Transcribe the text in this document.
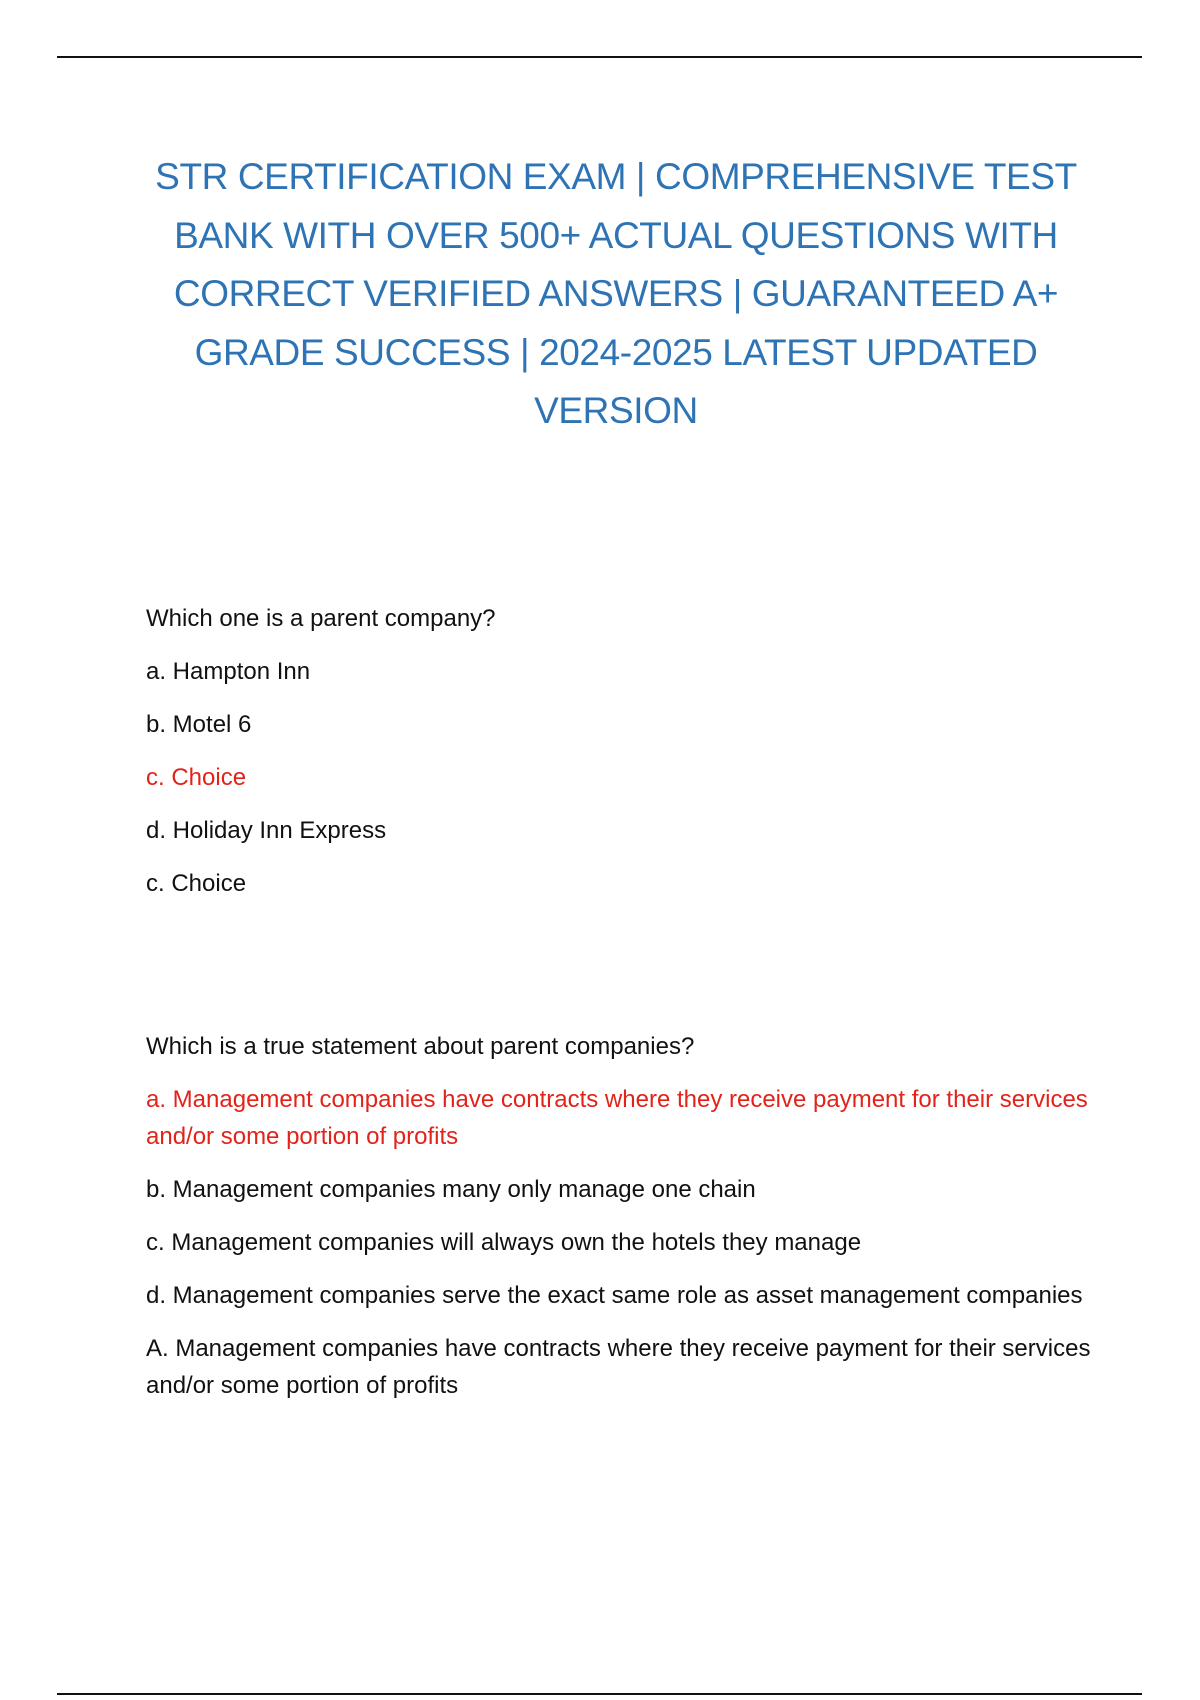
STR CERTIFICATION EXAM | COMPREHENSIVE TEST BANK WITH OVER 500+ ACTUAL QUESTIONS WITH CORRECT VERIFIED ANSWERS | GUARANTEED A+ GRADE SUCCESS | 2024-2025 LATEST UPDATED VERSION

Which one is a parent company?

a. Hampton Inn

b. Motel 6

c. Choice

d. Holiday Inn Express

c. Choice

Which is a true statement about parent companies?

a. Management companies have contracts where they receive payment for their services and/or some portion of profits

b. Management companies many only manage one chain

c. Management companies will always own the hotels they manage

d. Management companies serve the exact same role as asset management companies

A. Management companies have contracts where they receive payment for their services and/or some portion of profits
